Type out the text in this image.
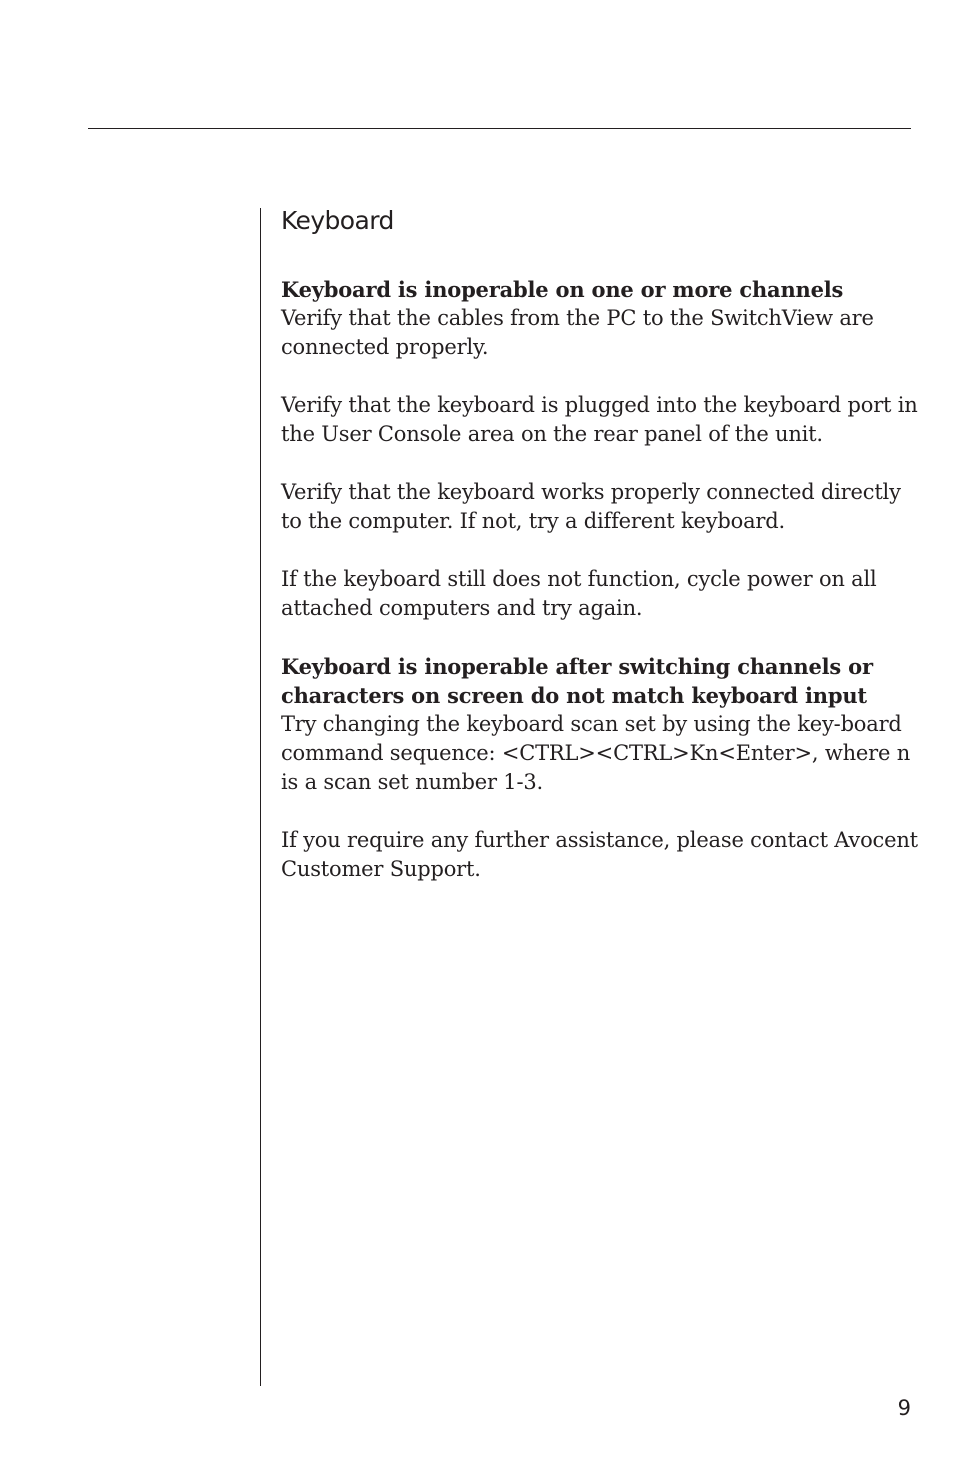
Keyboard

Keyboard is inoperable on one or more channels

Verify that the cables from the PC to the SwitchView are connected properly.

Verify that the keyboard is plugged into the keyboard port in the User Console area on the rear panel of the unit.

Verify that the keyboard works properly connected directly to the computer. If not, try a different keyboard.

If the keyboard still does not function, cycle power on all attached computers and try again.

Keyboard is inoperable after switching channels or characters on screen do not match keyboard input

Try changing the keyboard scan set by using the key-board command sequence: <CTRL><CTRL>Kn<Enter>, where n is a scan set number 1-3.

If you require any further assistance, please contact Avocent Customer Support.

9
